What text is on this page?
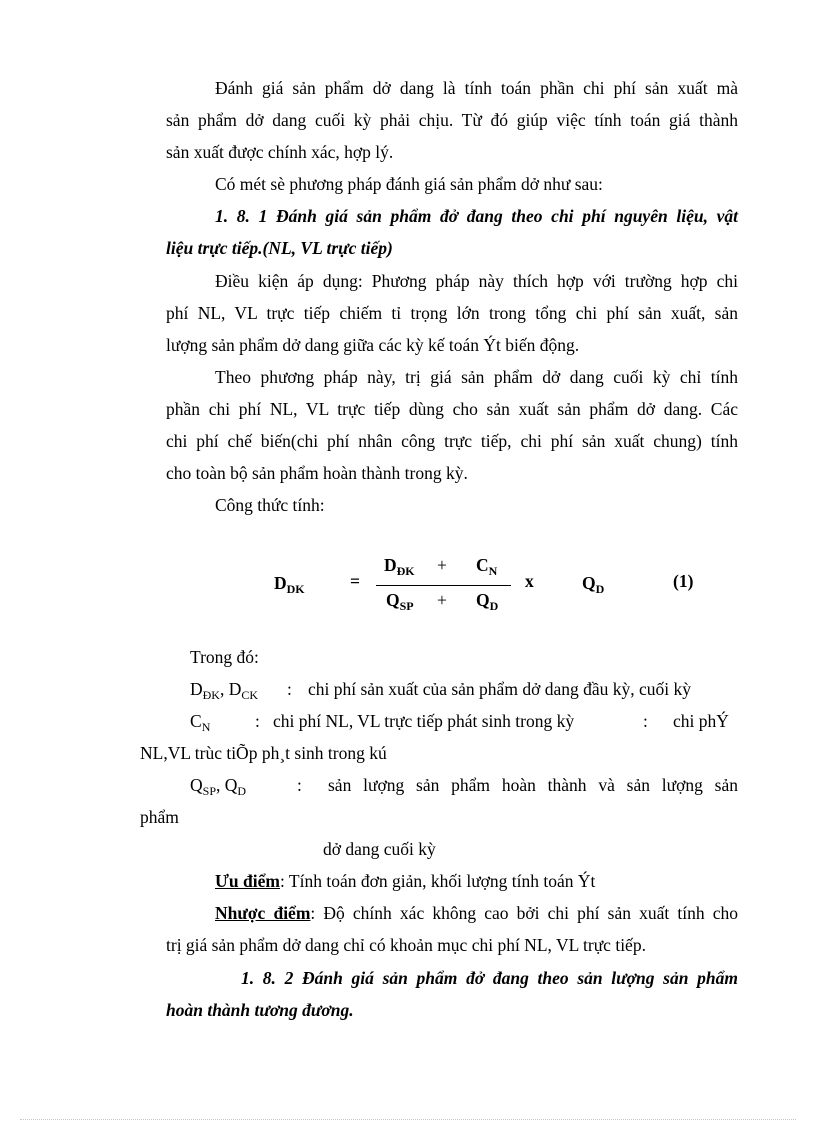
Đánh giá sản phẩm dở dang là tính toán phần chi phí sản xuất mà
sản phẩm dở dang cuối kỳ phải chịu. Từ đó giúp việc tính toán giá thành
sản xuất được chính xác, hợp lý.
Có mét sè phương pháp đánh giá sản phẩm dở như sau:
1. 8. 1 Đánh giá sản phẩm đở đang theo chi phí nguyên liệu, vật
liệu trực tiếp.(NL, VL trực tiếp)
Điều kiện áp dụng: Phương pháp này thích hợp với trường hợp chi
phí NL, VL trực tiếp chiếm tỉ trọng lớn trong tổng chi phí sản xuất, sản
lượng sản phẩm dở dang giữa các kỳ kế toán Ýt biến động.
Theo phương pháp này, trị giá sản phẩm dở dang cuối kỳ chỉ tính
phần chi phí NL, VL trực tiếp dùng cho sản xuất sản phẩm dở dang. Các
chi phí chế biến(chi phí nhân công trực tiếp, chi phí sản xuất chung) tính
cho toàn bộ sản phẩm hoàn thành trong kỳ.
Công thức tính:
$D_{DK}$	=
$D_{ĐK} + C_N$
$Q_{SP} + Q_D$
x	$Q_D$	(1)
Trong đó:
$D_{ĐK}$, $D_{CK}$ : chi phí sản xuất của sản phẩm dở dang đầu kỳ, cuối kỳ
$C_N$	: chi phí NL, VL trực tiếp phát sinh trong kỳ	: chi phÝ
NL,VL trùc tiÕp ph¸t sinh trong kú
$Q_{SP}$, $Q_D$	: sản lượng sản phẩm hoàn thành và sản lượng sản
phẩm
dở dang cuối kỳ
Ưu điểm: Tính toán đơn giản, khối lượng tính toán Ýt
Nhược điểm: Độ chính xác không cao bởi chi phí sản xuất tính cho
trị giá sản phẩm dở dang chỉ có khoản mục chi phí NL, VL trực tiếp.
1. 8. 2 Đánh giá sản phẩm đở đang theo sản lượng sản phẩm
hoàn thành tương đương.
